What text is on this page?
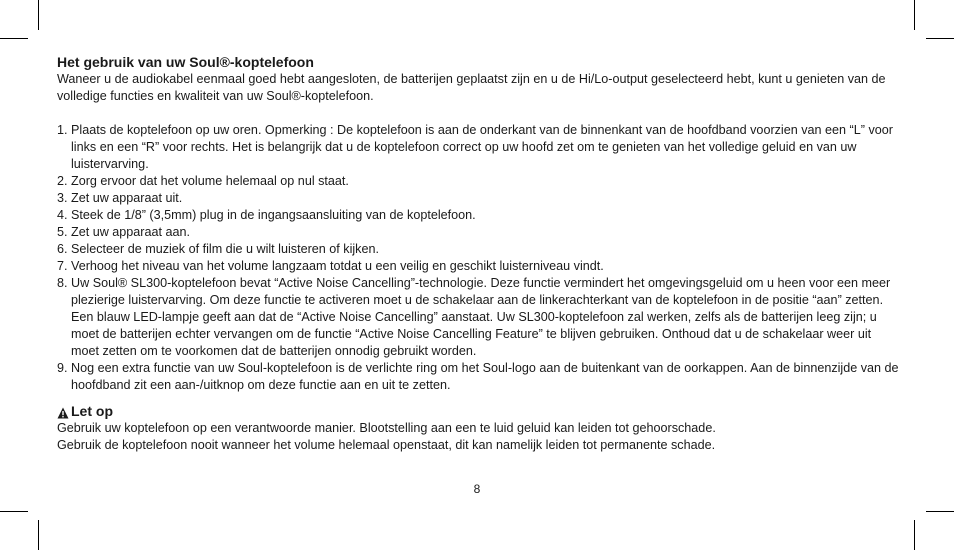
Het gebruik van uw Soul®-koptelefoon

Waneer u de audiokabel eenmaal goed hebt aangesloten, de batterijen geplaatst zijn en u de Hi/Lo-output geselecteerd hebt, kunt u genieten van de volledige functies en kwaliteit van uw Soul®-koptelefoon.

1. Plaats de koptelefoon op uw oren. Opmerking : De koptelefoon is aan de onderkant van de binnenkant van de hoofdband voorzien van een “L” voor links en een “R” voor rechts. Het is belangrijk dat u de koptelefoon correct op uw hoofd zet om te genieten van het volledige geluid en van uw luistervarving.
2. Zorg ervoor dat het volume helemaal op nul staat.
3. Zet uw apparaat uit.
4. Steek de 1/8” (3,5mm) plug in de ingangsaansluiting van de koptelefoon.
5. Zet uw apparaat aan.
6. Selecteer de muziek of film die u wilt luisteren of kijken.
7. Verhoog het niveau van het volume langzaam totdat u een veilig en geschikt luisterniveau vindt.
8. Uw Soul® SL300-koptelefoon bevat “Active Noise Cancelling”-technologie. Deze functie vermindert het omgevingsgeluid om u heen voor een meer plezierige luistervarving. Om deze functie te activeren moet u de schakelaar aan de linkerachterkant van de koptelefoon in de positie “aan” zetten. Een blauw LED-lampje geeft aan dat de “Active Noise Cancelling” aanstaat. Uw SL300-koptelefoon zal werken, zelfs als de batterijen leeg zijn; u moet de batterijen echter vervangen om de functie “Active Noise Cancelling Feature” te blijven gebruiken. Onthoud dat u de schakelaar weer uit moet zetten om te voorkomen dat de batterijen onnodig gebruikt worden.
9. Nog een extra functie van uw Soul-koptelefoon is de verlichte ring om het Soul-logo aan de buitenkant van de oorkappen. Aan de binnenzijde van de hoofdband zit een aan-/uitknop om deze functie aan en uit te zetten.
Let op

Gebruik uw koptelefoon op een verantwoorde manier. Blootstelling aan een te luid geluid kan leiden tot gehoorschade.

Gebruik de koptelefoon nooit wanneer het volume helemaal openstaat, dit kan namelijk leiden tot permanente schade.

8
